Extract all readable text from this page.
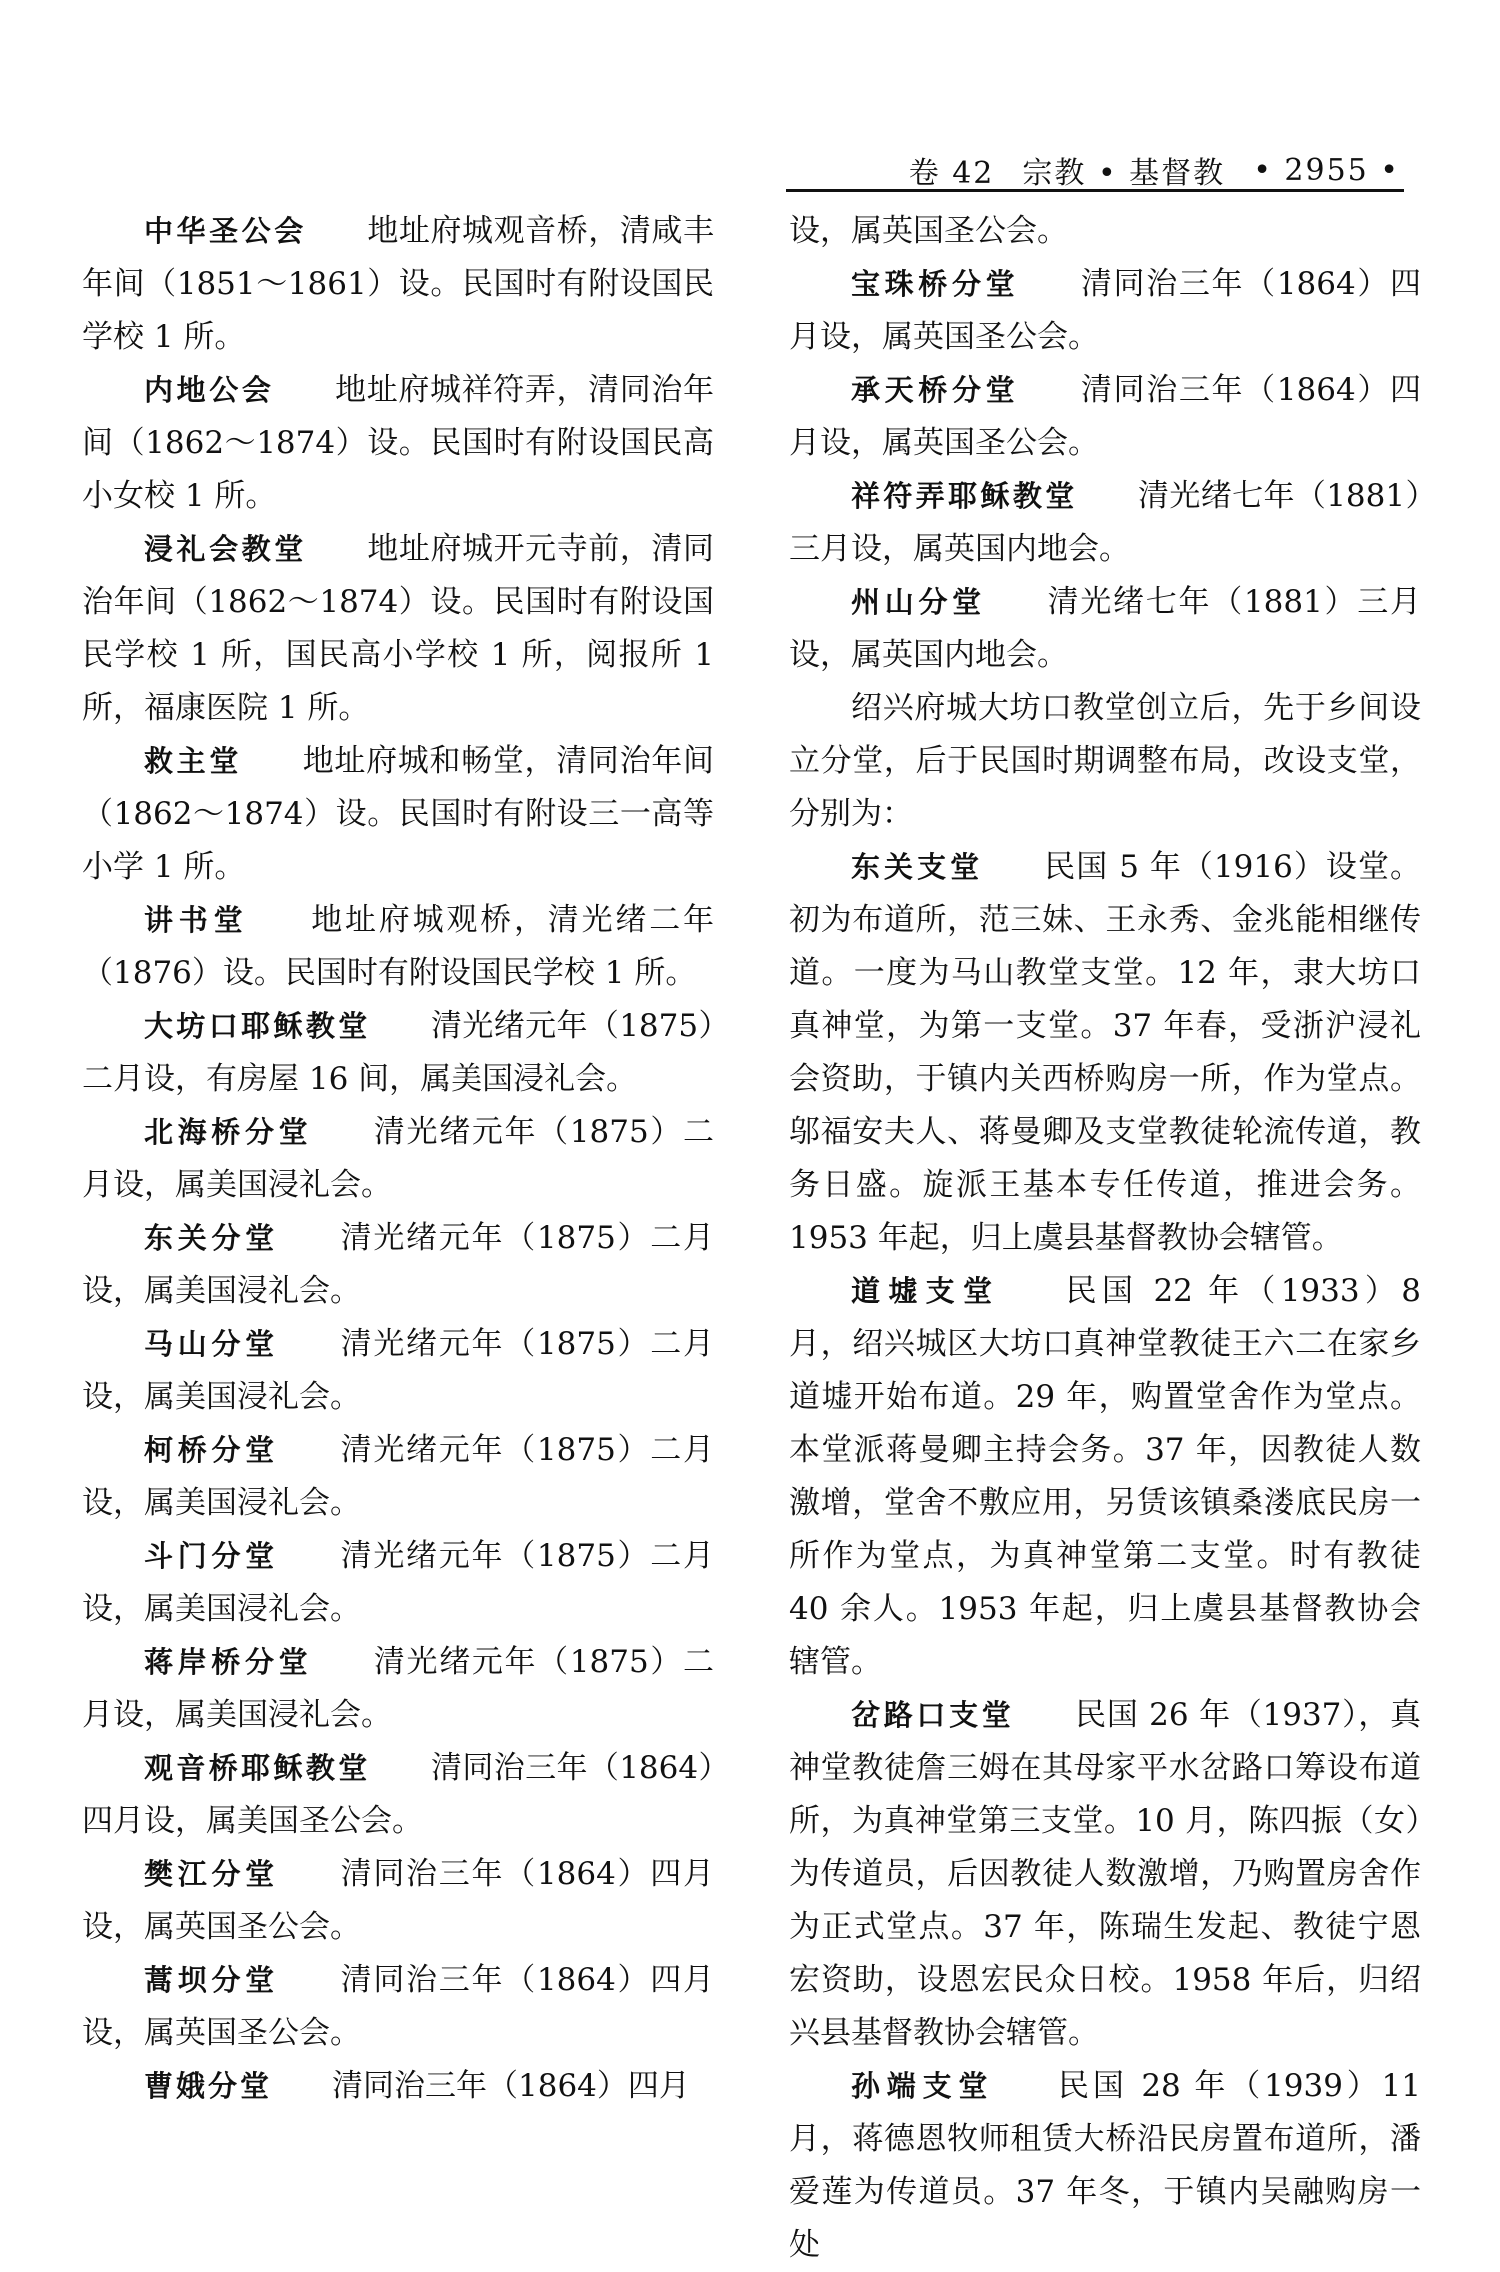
卷 42 宗教 • 基督教 • 2955 •

中华圣公会 地址府城观音桥，清咸丰年间（1851～1861）设。民国时有附设国民学校 1 所。

内地公会 地址府城祥符弄，清同治年间（1862～1874）设。民国时有附设国民高小女校 1 所。

浸礼会教堂 地址府城开元寺前，清同治年间（1862～1874）设。民国时有附设国民学校 1 所，国民高小学校 1 所，阅报所 1 所，福康医院 1 所。

救主堂 地址府城和畅堂，清同治年间（1862～1874）设。民国时有附设三一高等小学 1 所。

讲书堂 地址府城观桥，清光绪二年（1876）设。民国时有附设国民学校 1 所。

大坊口耶稣教堂 清光绪元年（1875）二月设，有房屋 16 间，属美国浸礼会。

北海桥分堂 清光绪元年（1875）二月设，属美国浸礼会。

东关分堂 清光绪元年（1875）二月设，属美国浸礼会。

马山分堂 清光绪元年（1875）二月设，属美国浸礼会。

柯桥分堂 清光绪元年（1875）二月设，属美国浸礼会。

斗门分堂 清光绪元年（1875）二月设，属美国浸礼会。

蒋岸桥分堂 清光绪元年（1875）二月设，属美国浸礼会。

观音桥耶稣教堂 清同治三年（1864）四月设，属美国圣公会。

樊江分堂 清同治三年（1864）四月设，属英国圣公会。

蒿坝分堂 清同治三年（1864）四月设，属英国圣公会。

曹娥分堂 清同治三年（1864）四月

设，属英国圣公会。

宝珠桥分堂 清同治三年（1864）四月设，属英国圣公会。

承天桥分堂 清同治三年（1864）四月设，属英国圣公会。

祥符弄耶稣教堂 清光绪七年（1881）三月设，属英国内地会。

州山分堂 清光绪七年（1881）三月设，属英国内地会。

绍兴府城大坊口教堂创立后，先于乡间设立分堂，后于民国时期调整布局，改设支堂，分别为：

东关支堂 民国 5 年（1916）设堂。初为布道所，范三妹、王永秀、金兆能相继传道。一度为马山教堂支堂。12 年，隶大坊口真神堂，为第一支堂。37 年春，受浙沪浸礼会资助，于镇内关西桥购房一所，作为堂点。邬福安夫人、蒋曼卿及支堂教徒轮流传道，教务日盛。旋派王基本专任传道，推进会务。1953 年起，归上虞县基督教协会辖管。

道墟支堂 民国 22 年（1933）8 月，绍兴城区大坊口真神堂教徒王六二在家乡道墟开始布道。29 年，购置堂舍作为堂点。本堂派蒋曼卿主持会务。37 年，因教徒人数激增，堂舍不敷应用，另赁该镇桑溇底民房一所作为堂点，为真神堂第二支堂。时有教徒 40 余人。1953 年起，归上虞县基督教协会辖管。

岔路口支堂 民国 26 年（1937），真神堂教徒詹三姆在其母家平水岔路口筹设布道所，为真神堂第三支堂。10 月，陈四振（女）为传道员，后因教徒人数激增，乃购置房舍作为正式堂点。37 年，陈瑞生发起、教徒宁恩宏资助，设恩宏民众日校。1958 年后，归绍兴县基督教协会辖管。

孙端支堂 民国 28 年（1939）11 月，蒋德恩牧师租赁大桥沿民房置布道所，潘爱莲为传道员。37 年冬，于镇内吴融购房一处
